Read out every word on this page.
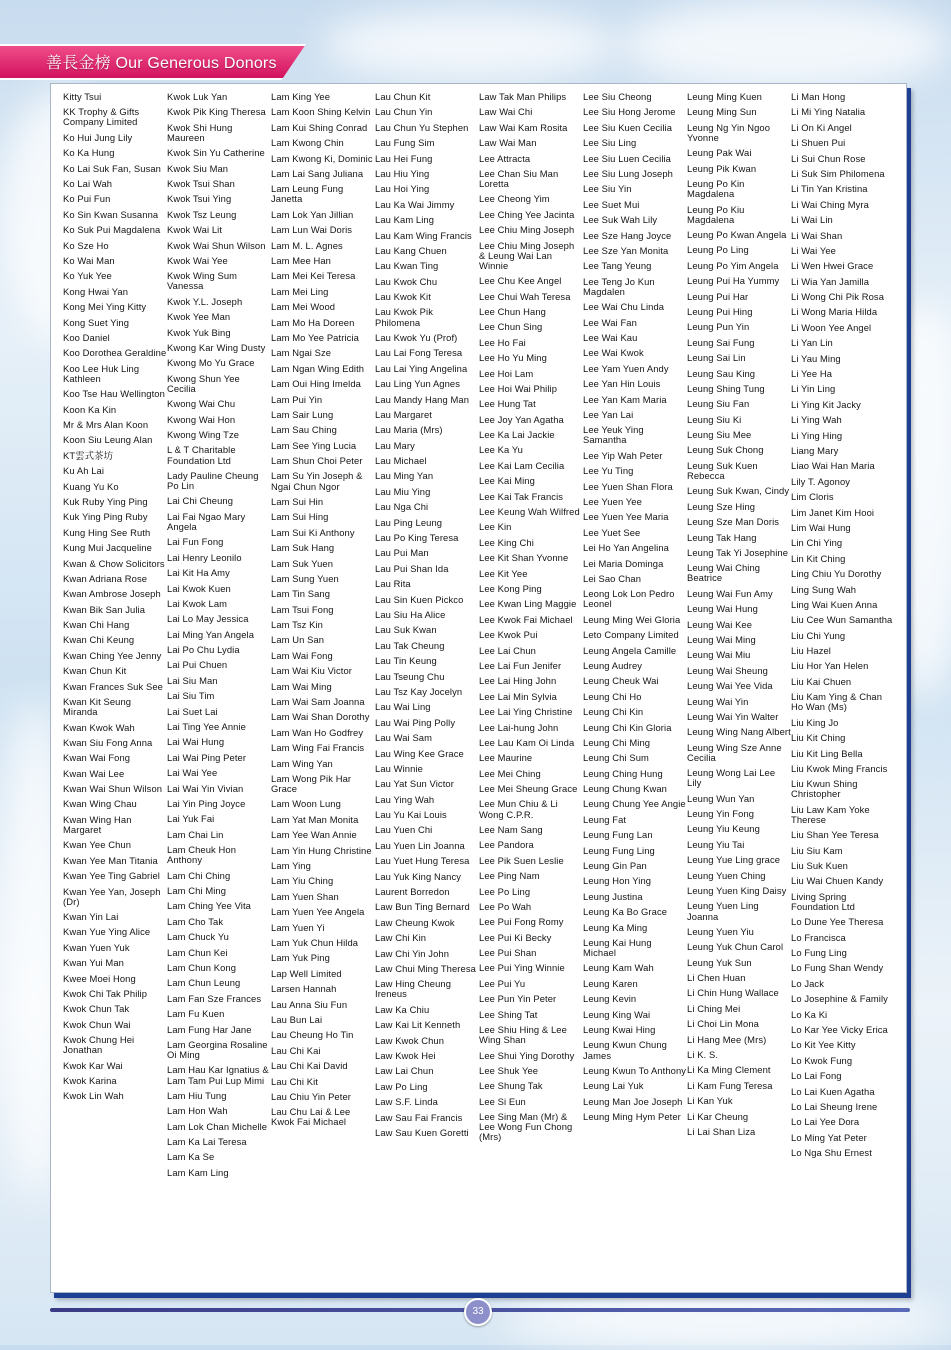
善長金榜 Our Generous Donors
Kitty Tsui
KK Trophy & Gifts Company Limited
Ko Hui Jung Lily
Ko Ka Hung
Ko Lai Suk Fan, Susan
Ko Lai Wah
Ko Pui Fun
Ko Sin Kwan Susanna
Ko Suk Pui Magdalena
Ko Sze Ho
Ko Wai Man
Ko Yuk Yee
Kong Hwai Yan
Kong Mei Ying Kitty
Kong Suet Ying
Koo Daniel
Koo Dorothea Geraldine
Koo Lee Huk Ling Kathleen
Koo Tse Hau Wellington
Koon Ka Kin
Mr & Mrs Alan Koon
Koon Siu Leung Alan
KT雲式茶坊
Ku Ah Lai
Kuang Yu Ko
Kuk Ruby Ying Ping
Kuk Ying Ping Ruby
Kung Hing See Ruth
Kung Mui Jacqueline
Kwan & Chow Solicitors
Kwan Adriana Rose
Kwan Ambrose Joseph
Kwan Bik San Julia
Kwan Chi Hang
Kwan Chi Keung
Kwan Ching Yee Jenny
Kwan Chun Kit
Kwan Frances Suk See
Kwan Kit Seung Miranda
Kwan Kwok Wah
Kwan Siu Fong Anna
Kwan Wai Fong
Kwan Wai Lee
Kwan Wai Shun Wilson
Kwan Wing Chau
Kwan Wing Han Margaret
Kwan Yee Chun
Kwan Yee Man Titania
Kwan Yee Ting Gabriel
Kwan Yee Yan, Joseph (Dr)
Kwan Yin Lai
Kwan Yue Ying Alice
Kwan Yuen Yuk
Kwan Yui Man
Kwee Moei Hong
Kwok Chi Tak Philip
Kwok Chun Tak
Kwok Chun Wai
Kwok Chung Hei Jonathan
Kwok Kar Wai
Kwok Karina
Kwok Lin Wah
Kwok Luk Yan
Kwok Pik King Theresa
Kwok Shi Hung Maureen
Kwok Sin Yu Catherine
Kwok Siu Man
Kwok Tsui Shan
Kwok Tsui Ying
Kwok Tsz Leung
Kwok Wai Lit
Kwok Wai Shun Wilson
Kwok Wai Yee
Kwok Wing Sum Vanessa
Kwok Y.L. Joseph
Kwok Yee Man
Kwok Yuk Bing
Kwong Kar Wing Dusty
Kwong Mo Yu Grace
Kwong Shun Yee Cecilia
Kwong Wai Chu
Kwong Wai Hon
Kwong Wing Tze
L & T Charitable Foundation Ltd
Lady Pauline Cheung Po Lin
Lai Chi Cheung
Lai Fai Ngao Mary Angela
Lai Fun Fong
Lai Henry Leonilo
Lai Kit Ha Amy
Lai Kwok Kuen
Lai Kwok Lam
Lai Lo May Jessica
Lai Ming Yan Angela
Lai Po Chu Lydia
Lai Pui Chuen
Lai Siu Man
Lai Siu Tim
Lai Suet Lai
Lai Ting Yee Annie
Lai Wai Hung
Lai Wai Ping Peter
Lai Wai Yee
Lai Wai Yin Vivian
Lai Yin Ping Joyce
Lai Yuk Fai
Lam Chai Lin
Lam Cheuk Hon Anthony
Lam Chi Ching
Lam Chi Ming
Lam Ching Yee Vita
Lam Cho Tak
Lam Chuck Yu
Lam Chun Kei
Lam Chun Kong
Lam Chun Leung
Lam Fan Sze Frances
Lam Fu Kuen
Lam Fung Har Jane
Lam Georgina Rosaline Oi Ming
Lam Hau Kar Ignatius & Lam Tam Pui Lup Mimi
Lam Hiu Tung
Lam Hon Wah
Lam Lok Chan Michelle
Lam Ka Lai Teresa
Lam Ka Se
Lam Kam Ling
Lam King Yee
Lam Koon Shing Kelvin
Lam Kui Shing Conrad
Lam Kwong Chin
Lam Kwong Ki, Dominic
Lam Lai Sang Juliana
Lam Leung Fung Janetta
Lam Lok Yan Jillian
Lam Lun Wai Doris
Lam M. L. Agnes
Lam Mee Han
Lam Mei Kei Teresa
Lam Mei Ling
Lam Mei Wood
Lam Mo Ha Doreen
Lam Mo Yee Patricia
Lam Ngai Sze
Lam Ngan Wing Edith
Lam Oui Hing Imelda
Lam Pui Yin
Lam Sair Lung
Lam Sau Ching
Lam See Ying Lucia
Lam Shun Choi Peter
Lam Su Yin Joseph & Ngai Chun Ngor
Lam Sui Hin
Lam Sui Hing
Lam Sui Ki Anthony
Lam Suk Hang
Lam Suk Yuen
Lam Sung Yuen
Lam Tin Sang
Lam Tsui Fong
Lam Tsz Kin
Lam Un San
Lam Wai Fong
Lam Wai Kiu Victor
Lam Wai Ming
Lam Wai Sam Joanna
Lam Wai Shan Dorothy
Lam Wan Ho Godfrey
Lam Wing Fai Francis
Lam Wing Yan
Lam Wong Pik Har Grace
Lam Woon Lung
Lam Yat Man Monita
Lam Yee Wan Annie
Lam Yin Hung Christine
Lam Ying
Lam Yiu Ching
Lam Yuen Shan
Lam Yuen Yee Angela
Lam Yuen Yi
Lam Yuk Chun Hilda
Lam Yuk Ping
Lap Well Limited
Larsen Hannah
Lau Anna Siu Fun
Lau Bun Lai
Lau Cheung Ho Tin
Lau Chi Kai
Lau Chi Kai David
Lau Chi Kit
Lau Chiu Yin Peter
Lau Chu Lai & Lee Kwok Fai Michael
Lau Chun Kit
Lau Chun Yin
Lau Chun Yu Stephen
Lau Fung Sim
Lau Hei Fung
Lau Hiu Ying
Lau Hoi Ying
Lau Ka Wai Jimmy
Lau Kam Ling
Lau Kam Wing Francis
Lau Kang Chuen
Lau Kwan Ting
Lau Kwok Chu
Lau Kwok Kit
Lau Kwok Pik Philomena
Lau Kwok Yu (Prof)
Lau Lai Fong Teresa
Lau Lai Ying Angelina
Lau Ling Yun Agnes
Lau Mandy Hang Man
Lau Margaret
Lau Maria (Mrs)
Lau Mary
Lau Michael
Lau Ming Yan
Lau Miu Ying
Lau Nga Chi
Lau Ping Leung
Lau Po King Teresa
Lau Pui Man
Lau Pui Shan Ida
Lau Rita
Lau Sin Kuen Pickco
Lau Siu Ha Alice
Lau Suk Kwan
Lau Tak Cheung
Lau Tin Keung
Lau Tseung Chu
Lau Tsz Kay Jocelyn
Lau Wai Ling
Lau Wai Ping Polly
Lau Wai Sam
Lau Wing Kee Grace
Lau Winnie
Lau Yat Sun Victor
Lau Ying Wah
Lau Yu Kai Louis
Lau Yuen Chi
Lau Yuen Lin Joanna
Lau Yuet Hung Teresa
Lau Yuk King Nancy
Laurent Borredon
Law Bun Ting Bernard
Law Cheung Kwok
Law Chi Kin
Law Chi Yin John
Law Chui Ming Theresa
Law Hing Cheung Ireneus
Law Ka Chiu
Law Kai Lit Kenneth
Law Kwok Chun
Law Kwok Hei
Law Lai Chun
Law Po Ling
Law S.F. Linda
Law Sau Fai Francis
Law Sau Kuen Goretti
Law Tak Man Philips
Law Wai Chi
Law Wai Kam Rosita
Law Wai Man
Lee Attracta
Lee Chan Siu Man Loretta
Lee Cheong Yim
Lee Ching Yee Jacinta
Lee Chiu Ming Joseph
Lee Chiu Ming Joseph & Leung Wai Lan Winnie
Lee Chu Kee Angel
Lee Chui Wah Teresa
Lee Chun Hang
Lee Chun Sing
Lee Ho Fai
Lee Ho Yu Ming
Lee Hoi Lam
Lee Hoi Wai Philip
Lee Hung Tat
Lee Joy Yan Agatha
Lee Ka Lai Jackie
Lee Ka Yu
Lee Kai Lam Cecilia
Lee Kai Ming
Lee Kai Tak Francis
Lee Keung Wah Wilfred
Lee Kin
Lee King Chi
Lee Kit Shan Yvonne
Lee Kit Yee
Lee Kong Ping
Lee Kwan Ling Maggie
Lee Kwok Fai Michael
Lee Kwok Pui
Lee Lai Chun
Lee Lai Fun Jenifer
Lee Lai Hing John
Lee Lai Min Sylvia
Lee Lai Ying Christine
Lee Lai-hung John
Lee Lau Kam Oi Linda
Lee Maurine
Lee Mei Ching
Lee Mei Sheung Grace
Lee Mun Chiu & Li Wong C.P.R.
Lee Nam Sang
Lee Pandora
Lee Pik Suen Leslie
Lee Ping Nam
Lee Po Ling
Lee Po Wah
Lee Pui Fong Romy
Lee Pui Ki Becky
Lee Pui Shan
Lee Pui Ying Winnie
Lee Pui Yu
Lee Pun Yin Peter
Lee Shing Tat
Lee Shiu Hing & Lee Wing Shan
Lee Shui Ying Dorothy
Lee Shuk Yee
Lee Shung Tak
Lee Si Eun
Lee Sing Man (Mr) & Lee Wong Fun Chong (Mrs)
Lee Siu Cheong
Lee Siu Hong Jerome
Lee Siu Kuen Cecilia
Lee Siu Ling
Lee Siu Luen Cecilia
Lee Siu Lung Joseph
Lee Siu Yin
Lee Suet Mui
Lee Suk Wah Lily
Lee Sze Hang Joyce
Lee Sze Yan Monita
Lee Tang Yeung
Lee Teng Jo Kun Magdalen
Lee Wai Chu Linda
Lee Wai Fan
Lee Wai Kau
Lee Wai Kwok
Lee Yam Yuen Andy
Lee Yan Hin Louis
Lee Yan Kam Maria
Lee Yan Lai
Lee Yeuk Ying Samantha
Lee Yip Wah Peter
Lee Yu Ting
Lee Yuen Shan Flora
Lee Yuen Yee
Lee Yuen Yee Maria
Lee Yuet See
Lei Ho Yan Angelina
Lei Maria Dominga
Lei Sao Chan
Leong Lok Lon Pedro Leonel
Leung Ming Wei Gloria
Leto Company Limited
Leung Angela Camille
Leung Audrey
Leung Cheuk Wai
Leung Chi Ho
Leung Chi Kin
Leung Chi Kin Gloria
Leung Chi Ming
Leung Chi Sum
Leung Ching Hung
Leung Chung Kwan
Leung Chung Yee Angie
Leung Fat
Leung Fung Lan
Leung Fung Ling
Leung Gin Pan
Leung Hon Ying
Leung Justina
Leung Ka Bo Grace
Leung Ka Ming
Leung Kai Hung Michael
Leung Kam Wah
Leung Karen
Leung Kevin
Leung King Wai
Leung Kwai Hing
Leung Kwun Chung James
Leung Kwun To Anthony
Leung Lai Yuk
Leung Man Joe Joseph
Leung Ming Hym Peter
Leung Ming Kuen
Leung Ming Sun
Leung Ng Yin Ngoo Yvonne
Leung Pak Wai
Leung Pik Kwan
Leung Po Kin Magdalena
Leung Po Kiu Magdalena
Leung Po Kwan Angela
Leung Po Ling
Leung Po Yim Angela
Leung Pui Ha Yummy
Leung Pui Har
Leung Pui Hing
Leung Pun Yin
Leung Sai Fung
Leung Sai Lin
Leung Sau King
Leung Shing Tung
Leung Siu Fan
Leung Siu Ki
Leung Siu Mee
Leung Suk Chong
Leung Suk Kuen Rebecca
Leung Suk Kwan, Cindy
Leung Sze Hing
Leung Sze Man Doris
Leung Tak Hang
Leung Tak Yi Josephine
Leung Wai Ching Beatrice
Leung Wai Fun Amy
Leung Wai Hung
Leung Wai Kee
Leung Wai Ming
Leung Wai Miu
Leung Wai Sheung
Leung Wai Yee Vida
Leung Wai Yin
Leung Wai Yin Walter
Leung Wing Nang Albert
Leung Wing Sze Anne Cecilia
Leung Wong Lai Lee Lily
Leung Wun Yan
Leung Yin Fong
Leung Yiu Keung
Leung Yiu Tai
Leung Yue Ling grace
Leung Yuen Ching
Leung Yuen King Daisy
Leung Yuen Ling Joanna
Leung Yuen Yiu
Leung Yuk Chun Carol
Leung Yuk Sun
Li Chen Huan
Li Chin Hung Wallace
Li Ching Mei
Li Choi Lin Mona
Li Hang Mee (Mrs)
Li K. S.
Li Ka Ming Clement
Li Kam Fung Teresa
Li Kan Yuk
Li Kar Cheung
Li Lai Shan Liza
Li Man Hong
Li Mi Ying Natalia
Li On Ki Angel
Li Shuen Pui
Li Sui Chun Rose
Li Suk Sim Philomena
Li Tin Yan Kristina
Li Wai Ching Myra
Li Wai Lin
Li Wai Shan
Li Wai Yee
Li Wen Hwei Grace
Li Wia Yan Jamilla
Li Wong Chi Pik Rosa
Li Wong Maria Hilda
Li Woon Yee Angel
Li Yan Lin
Li Yau Ming
Li Yee Ha
Li Yin Ling
Li Ying Kit Jacky
Li Ying Wah
Li Ying Hing
Liang Mary
Liao Wai Han Maria
Lily T. Agonoy
Lim Cloris
Lim Janet Kim Hooi
Lim Wai Hung
Lin Chi Ying
Lin Kit Ching
Ling Chiu Yu Dorothy
Ling Sung Wah
Ling Wai Kuen Anna
Liu Cee Wun Samantha
Liu Chi Yung
Liu Hazel
Liu Hor Yan Helen
Liu Kai Chuen
Liu Kam Ying & Chan Ho Wan (Ms)
Liu King Jo
Liu Kit Ching
Liu Kit Ling Bella
Liu Kwok Ming Francis
Liu Kwun Shing Christopher
Liu Law Kam Yoke Therese
Liu Shan Yee Teresa
Liu Siu Kam
Liu Suk Kuen
Liu Wai Chuen Kandy
Living Spring Foundation Ltd
Lo Dune Yee Theresa
Lo Francisca
Lo Fung Ling
Lo Fung Shan Wendy
Lo Jack
Lo Josephine & Family
Lo Ka Ki
Lo Kar Yee Vicky Erica
Lo Kit Yee Kitty
Lo Kwok Fung
Lo Lai Fong
Lo Lai Kuen Agatha
Lo Lai Sheung Irene
Lo Lai Yee Dora
Lo Ming Yat Peter
Lo Nga Shu Ernest
33
